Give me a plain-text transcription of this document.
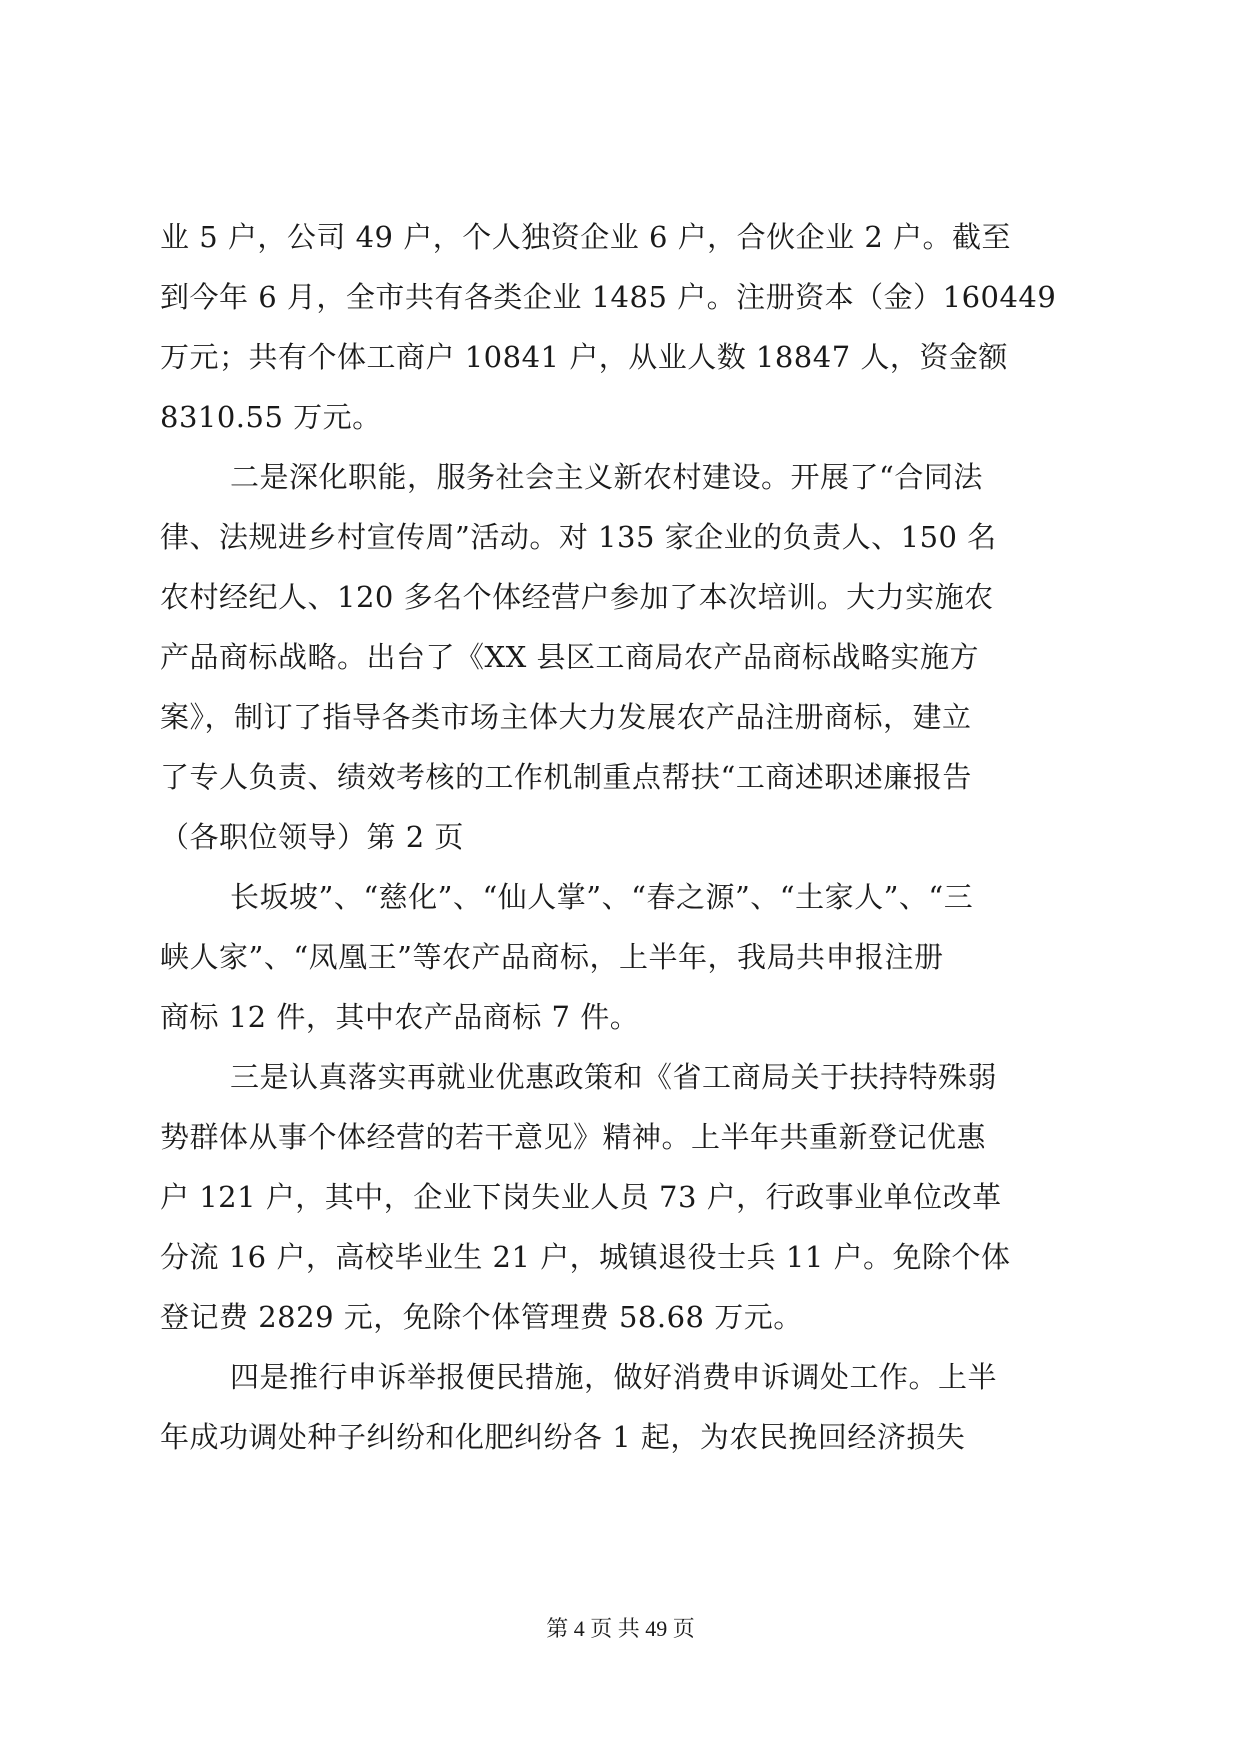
业 5 户，公司 49 户，个人独资企业 6 户，合伙企业 2 户。截至
到今年 6 月，全市共有各类企业 1485 户。注册资本（金）160449
万元；共有个体工商户 10841 户，从业人数 18847 人，资金额
8310.55 万元。
二是深化职能，服务社会主义新农村建设。开展了“合同法
律、法规进乡村宣传周”活动。对 135 家企业的负责人、150 名
农村经纪人、120 多名个体经营户参加了本次培训。大力实施农
产品商标战略。出台了《XX 县区工商局农产品商标战略实施方
案》，制订了指导各类市场主体大力发展农产品注册商标，建立
了专人负责、绩效考核的工作机制重点帮扶“工商述职述廉报告
（各职位领导）第 2 页
长坂坡”、“慈化”、“仙人掌”、“春之源”、“土家人”、“三
峡人家”、“凤凰王”等农产品商标，上半年，我局共申报注册
商标 12 件，其中农产品商标 7 件。
三是认真落实再就业优惠政策和《省工商局关于扶持特殊弱
势群体从事个体经营的若干意见》精神。上半年共重新登记优惠
户 121 户，其中，企业下岗失业人员 73 户，行政事业单位改革
分流 16 户，高校毕业生 21 户，城镇退役士兵 11 户。免除个体
登记费 2829 元，免除个体管理费 58.68 万元。
四是推行申诉举报便民措施，做好消费申诉调处工作。上半
年成功调处种子纠纷和化肥纠纷各 1 起，为农民挽回经济损失
第 4 页 共 49 页
